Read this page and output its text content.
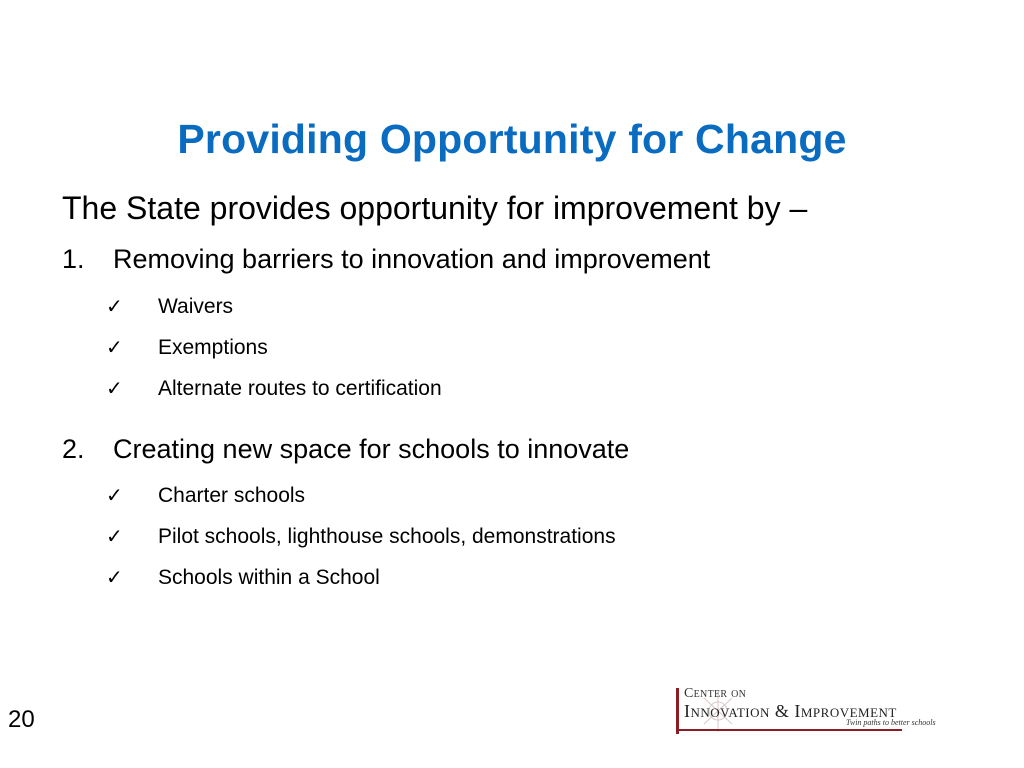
Providing Opportunity for Change

The State provides opportunity for improvement by –

1. Removing barriers to innovation and improvement
✓ Waivers
✓ Exemptions
✓ Alternate routes to certification
2. Creating new space for schools to innovate
✓ Charter schools
✓ Pilot schools, lighthouse schools, demonstrations
✓ Schools within a School
20
Center on
Innovation & Improvement
Twin paths to better schools
